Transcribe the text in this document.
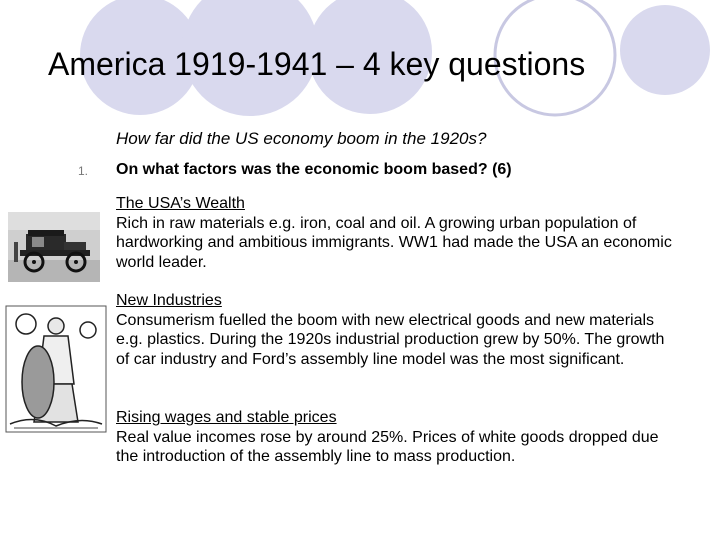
America 1919-1941 – 4 key questions
How far did the US economy boom in the 1920s?
1. On what factors was the economic boom based? (6)
The USA’s Wealth
Rich in raw materials e.g. iron, coal and oil. A growing urban population of hardworking and ambitious immigrants. WW1 had made the USA an economic world leader.
New Industries
Consumerism fuelled the boom with new electrical goods and new materials e.g. plastics. During the 1920s industrial production grew by 50%. The growth of car industry and Ford’s assembly line model was the most significant.
Rising wages and stable prices
Real value incomes rose by around 25%. Prices of white goods dropped due the introduction of the assembly line to mass production.
